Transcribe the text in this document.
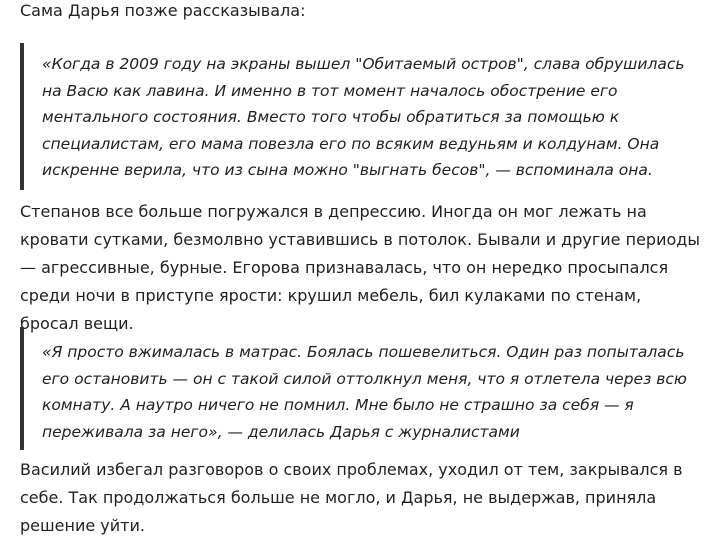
Сама Дарья позже рассказывала:

«Когда в 2009 году на экраны вышел "Обитаемый остров", слава обрушилась на Васю как лавина. И именно в тот момент началось обострение его ментального состояния. Вместо того чтобы обратиться за помощью к специалистам, его мама повезла его по всяким ведуньям и колдунам. Она искренне верила, что из сына можно "выгнать бесов", — вспоминала она.

Степанов все больше погружался в депрессию. Иногда он мог лежать на кровати сутками, безмолвно уставившись в потолок. Бывали и другие периоды — агрессивные, бурные. Егорова признавалась, что он нередко просыпался среди ночи в приступе ярости: крушил мебель, бил кулаками по стенам, бросал вещи.

«Я просто вжималась в матрас. Боялась пошевелиться. Один раз попыталась его остановить — он с такой силой оттолкнул меня, что я отлетела через всю комнату. А наутро ничего не помнил. Мне было не страшно за себя — я переживала за него», — делилась Дарья с журналистами

Василий избегал разговоров о своих проблемах, уходил от тем, закрывался в себе. Так продолжаться больше не могло, и Дарья, не выдержав, приняла решение уйти.
